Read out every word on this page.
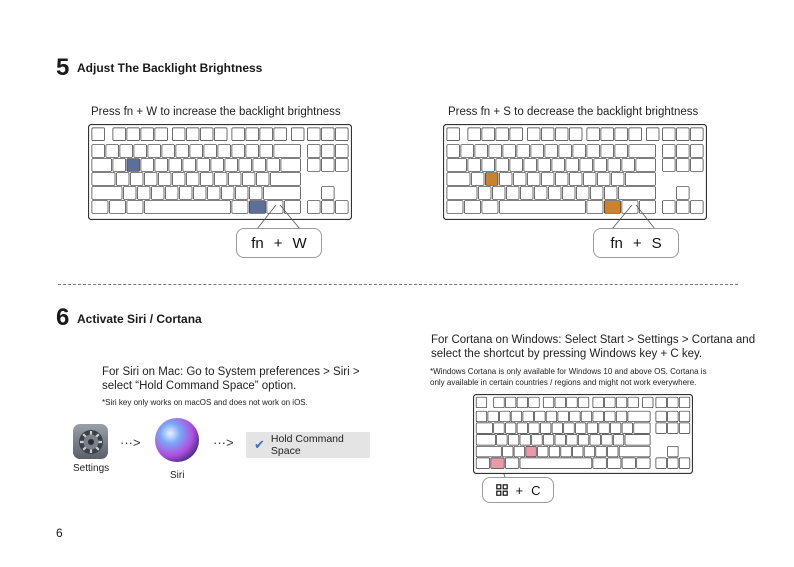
5 Adjust The Backlight Brightness
Press fn + W to increase the backlight brightness	Press fn + S to decrease the backlight brightness
fn + W	fn + S
6 Activate Siri / Cortana
For Siri on Mac: Go to System preferences > Siri >
select “Hold Command Space” option.
*Siri key only works on macOS and does not work on iOS.
Settings
···>
Siri
···> ✔ Hold Command Space
For Cortana on Windows: Select Start > Settings > Cortana and
select the shortcut by pressing Windows key + C key.
*Windows Cortana is only available for Windows 10 and above OS. Cortana is
only available in certain countries / regions and might not work everywhere.
+ C
6
